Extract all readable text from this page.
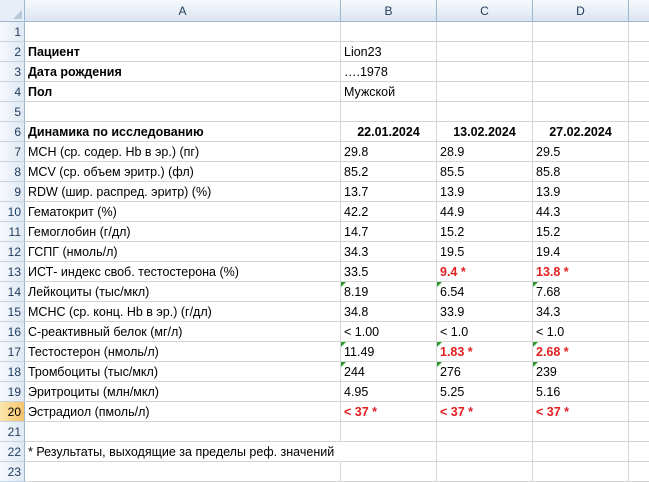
A	B	C	D
1
2 Пациент	Lion23
3 Дата рождения	….1978
4 Пол	Мужской
5
6 Динамика по исследованию	22.01.2024	13.02.2024	27.02.2024
7 MCH (ср. содер. Hb в эр.) (пг)	29.8	28.9	29.5
8 MCV (ср. объем эритр.) (фл)	85.2	85.5	85.8
9 RDW (шир. распред. эритр) (%)	13.7	13.9	13.9
10 Гематокрит (%)	42.2	44.9	44.3
11 Гемоглобин (г/дл)	14.7	15.2	15.2
12 ГСПГ (нмоль/л)	34.3	19.5	19.4
13 ИСТ- индекс своб. тестостерона (%)	33.5	9.4 *	13.8 *
14 Лейкоциты (тыс/мкл)	8.19	6.54	7.68
15 MCHC (ср. конц. Hb в эр.) (г/дл)	34.8	33.9	34.3
16 С-реактивный белок (мг/л)	< 1.00	< 1.0	< 1.0
17 Тестостерон (нмоль/л)	11.49	1.83 *	2.68 *
18 Тромбоциты (тыс/мкл)	244	276	239
19 Эритроциты (млн/мкл)	4.95	5.25	5.16
20 Эстрадиол (пмоль/л)	< 37 *	< 37 *	< 37 *
21
22 * Результаты, выходящие за пределы реф. значений
23
